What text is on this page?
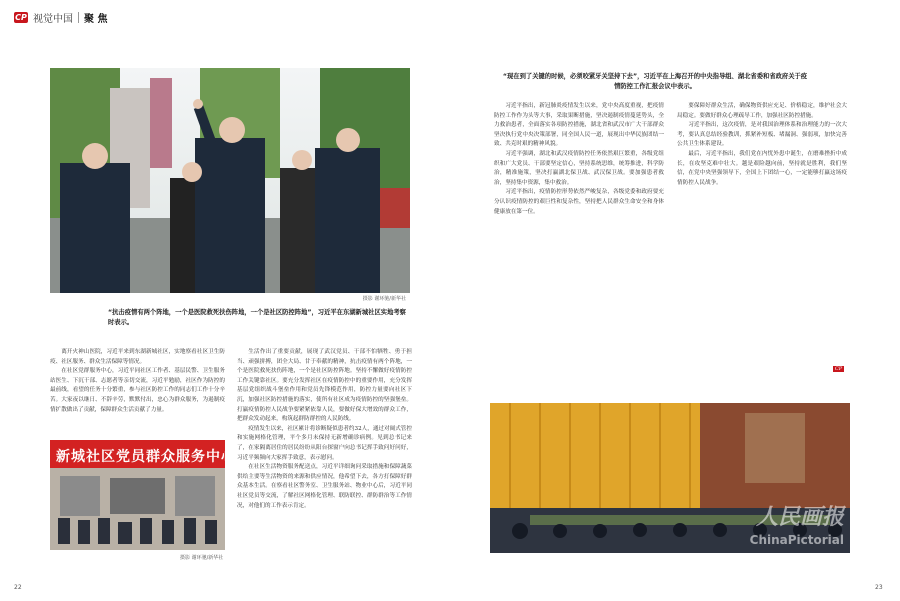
CP 视觉中国 聚 焦
摄影 谢环驰/新华社

“抗击疫情有两个阵地，一个是医院救死扶伤阵地，一个是社区防控阵地”，习近平在东湖新城社区实地考察时表示。

离开火神山医院，习近平来到东湖新城社区，实地察看社区卫生防疫、社区服务、群众生活保障等情况。

在社区党群服务中心，习近平同社区工作者、基层民警、卫生服务站医生、下沉干部、志愿者等亲切交流，习近平勉励，社区作为防控的最前线，看望的任务十分繁重，参与社区防控工作的同志们工作十分辛苦。大家夜以继日、不辞辛劳，默默付出，忠心为群众服务，为遏制疫情扩散做出了贡献，保障群众生活贡献了力量。

生活作出了重要贡献，展现了武汉党员、干部不怕牺牲、勇于担当、顽强拼搏，团全大局、甘于奉献的精神，抗击疫情有两个阵地，一个是医院救死扶伤阵地，一个是社区防控阵地。坚持不懈做好疫情防控工作关键靠社区。要充分发挥社区在疫情防控中的重要作用，充分发挥基层党组织战斗堡垒作用和党员先锋模范作用，防控力量要向社区下沉，加强社区防控措施的落实，使所有社区成为疫情防控的坚强堡垒。打赢疫情防控人民战争要紧紧依靠人民，要做好保大增效的群众工作，把群众发动起来，构筑起群防群控的人民防线。

疫情发生以来，社区累计将诊断疑似患者约32人，通过对阔式管控和实施网格化管理，平个多月未保持无新增确诊病例。见到总书记来了，在家隔离居住的居民纷纷从阳台探窗户向总书记挥手致问好问好，习近平频频向大家挥手致意，表示慰问。

在社区生活物资服务配送点，习近平详细询问采取措施和保障蔬菜供给主要等生活物资的来源和供应情况，他希望下去，各方打保障好群众基本生活。在察看社区警务室、卫生服务站、物业中心后，习近平同社区党员等交流，了解社区网格化管理、联防联控、群防群治等工作情况，对他们的工作表示肯定。

新城社区党员群众服务中心
摄影 谢环驰/新华社

“现在到了关键的时候，必须咬紧牙关坚持下去”，习近平在上海召开的中央指导组、湖北省委和省政府关于疫情防控工作汇报会议中表示。

习近平指出，新冠肺炎疫情发生以来，党中央高度重视，把疫情防控工作作为头等大事，采取果断措施，坚决遏制疫情蔓延势头，全力救治患者，全面落实各项防控措施，湖北省和武汉市广大干部群众坚决执行党中央决策部署，同全国人民一道，展现出中华民族团结一致、共克时艰的精神风貌。

习近平强调，湖北和武汉疫情防控任务依然艰巨繁重，各级党组织和广大党员、干部要坚定信心，坚持系统思维，统筹推进，科学防治，精准施策，坚决打赢湖北保卫战、武汉保卫战。要加强患者救治，坚持集中资源，集中救治。

习近平指出，疫情防控形势依然严峻复杂，各级党委和政府要充分认识疫情防控的艰巨性和复杂性，坚持把人民群众生命安全和身体健康放在第一位。

要保障好群众生活，确保物资供应充足、价格稳定，维护社会大局稳定。要做好群众心理疏导工作，加强社区防控措施。

习近平指出，这次疫情，是对我国治理体系和治理能力的一次大考，要认真总结经验教训，抓紧补短板、堵漏洞、强弱项，加快完善公共卫生体系建设。

最后，习近平指出，我们党在内忧外患中诞生，在磨难挫折中成长，在攻坚克难中壮大。越是艰险越向前，坚持就是胜利，我们坚信，在党中央坚强领导下，全国上下团结一心，一定能够打赢这场疫情防控人民战争。

CP
人民画报
ChinaPictorial
22	23
